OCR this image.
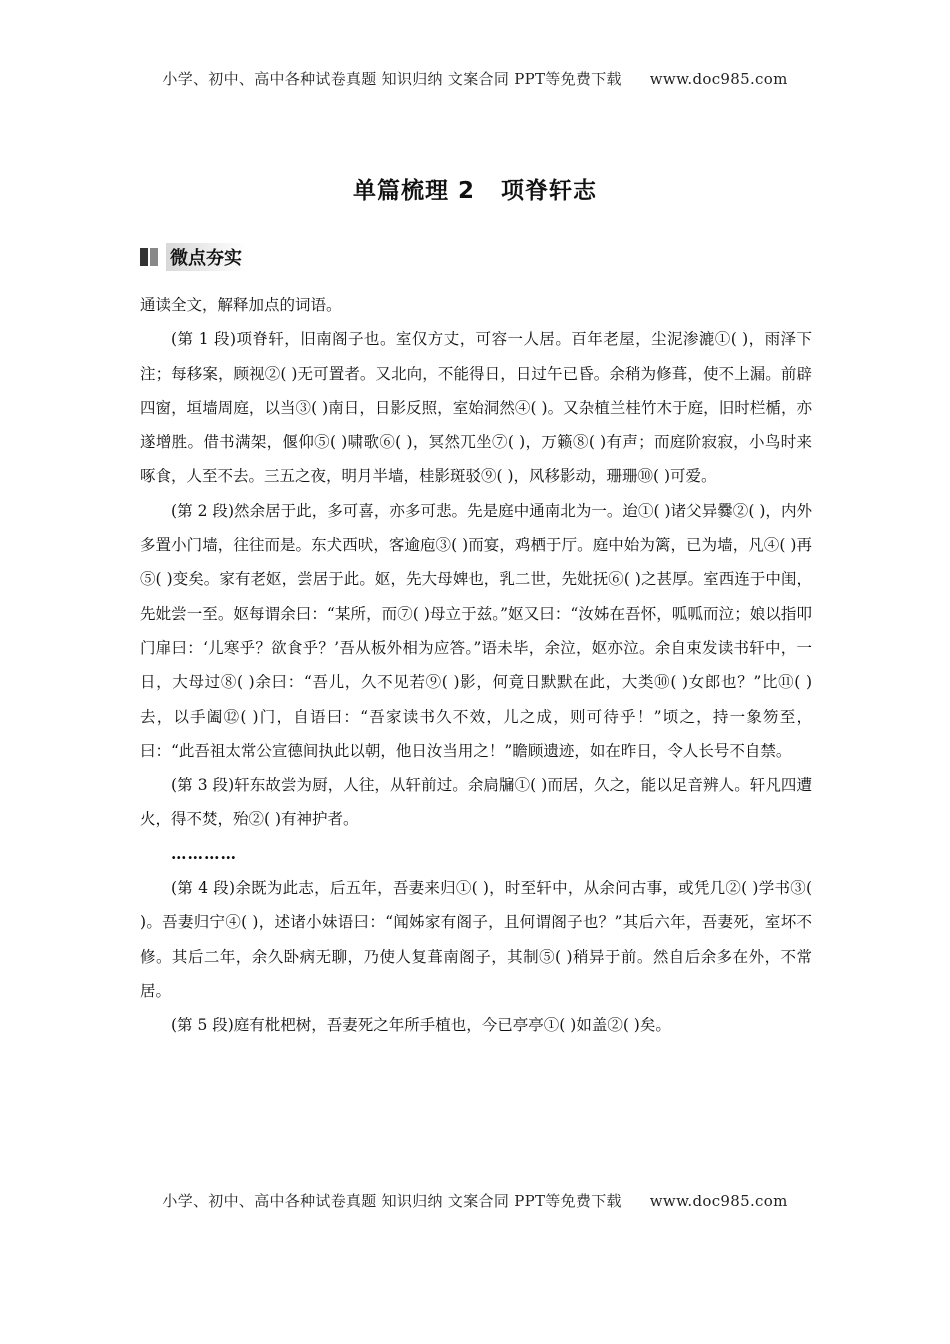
小学、初中、高中各种试卷真题 知识归纳 文案合同 PPT等免费下载 www.doc985.com
单篇梳理 2 项脊轩志
微点夯实

通读全文，解释加点的词语。

(第 1 段)项脊轩，旧南阁子也。室仅方丈，可容一人居。百年老屋，尘泥渗漉①( )，雨泽下注；每移案，顾视②( )无可置者。又北向，不能得日，日过午已昏。余稍为修葺，使不上漏。前辟四窗，垣墙周庭，以当③( )南日，日影反照，室始洞然④( )。又杂植兰桂竹木于庭，旧时栏楯，亦遂增胜。借书满架，偃仰⑤( )啸歌⑥( )，冥然兀坐⑦( )，万籁⑧( )有声；而庭阶寂寂，小鸟时来啄食，人至不去。三五之夜，明月半墙，桂影斑驳⑨( )，风移影动，珊珊⑩( )可爱。

(第 2 段)然余居于此，多可喜，亦多可悲。先是庭中通南北为一。迨①( )诸父异爨②( )，内外多置小门墙，往往而是。东犬西吠，客逾庖③( )而宴，鸡栖于厅。庭中始为篱，已为墙，凡④( )再⑤( )变矣。家有老妪，尝居于此。妪，先大母婢也，乳二世，先妣抚⑥( )之甚厚。室西连于中闺，先妣尝一至。妪每谓余曰：“某所，而⑦( )母立于兹。”妪又曰：“汝姊在吾怀，呱呱而泣；娘以指叩门扉曰：‘儿寒乎？欲食乎？’吾从板外相为应答。”语未毕，余泣，妪亦泣。余自束发读书轩中，一日，大母过⑧( )余曰：“吾儿，久不见若⑨( )影，何竟日默默在此，大类⑩( )女郎也？”比⑪( )去，以手阖⑫( )门，自语曰：“吾家读书久不效，儿之成，则可待乎！”顷之，持一象笏至，曰：“此吾祖太常公宣德间执此以朝，他日汝当用之！”瞻顾遗迹，如在昨日，令人长号不自禁。

(第 3 段)轩东故尝为厨，人往，从轩前过。余扃牖①( )而居，久之，能以足音辨人。轩凡四遭火，得不焚，殆②( )有神护者。

…………

(第 4 段)余既为此志，后五年，吾妻来归①( )，时至轩中，从余问古事，或凭几②( )学书③( )。吾妻归宁④( )，述诸小妹语曰：“闻姊家有阁子，且何谓阁子也？”其后六年，吾妻死，室坏不修。其后二年，余久卧病无聊，乃使人复葺南阁子，其制⑤( )稍异于前。然自后余多在外，不常居。

(第 5 段)庭有枇杷树，吾妻死之年所手植也，今已亭亭①( )如盖②( )矣。

小学、初中、高中各种试卷真题 知识归纳 文案合同 PPT等免费下载 www.doc985.com
